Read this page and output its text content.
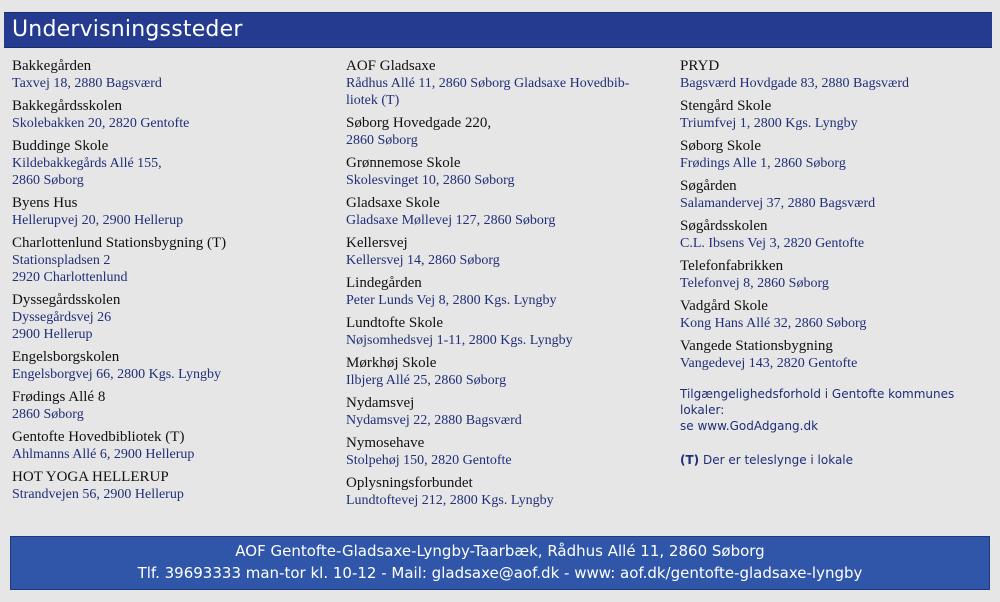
Undervisningssteder
Bakkegården
Taxvej 18, 2880 Bagsværd
Bakkegårdsskolen
Skolebakken 20, 2820 Gentofte
Buddinge Skole
Kildebakkegårds Allé 155,
2860 Søborg
Byens Hus
Hellerupvej 20, 2900 Hellerup
Charlottenlund Stationsbygning (T)
Stationspladsen 2
2920 Charlottenlund
Dyssegårdsskolen
Dyssegårdsvej 26
2900 Hellerup
Engelsborgskolen
Engelsborgvej 66, 2800 Kgs. Lyngby
Frødings Allé 8
2860 Søborg
Gentofte Hovedbibliotek (T)
Ahlmanns Allé 6, 2900 Hellerup
HOT YOGA HELLERUP
Strandvejen 56, 2900 Hellerup
AOF Gladsaxe
Rådhus Allé 11, 2860 Søborg Gladsaxe Hovedbib-
liotek (T)
Søborg Hovedgade 220,
2860 Søborg
Grønnemose Skole
Skolesvinget 10, 2860 Søborg
Gladsaxe Skole
Gladsaxe Møllevej 127, 2860 Søborg
Kellersvej
Kellersvej 14, 2860 Søborg
Lindegården
Peter Lunds Vej 8, 2800 Kgs. Lyngby
Lundtofte Skole
Nøjsomhedsvej 1-11, 2800 Kgs. Lyngby
Mørkhøj Skole
Ilbjerg Allé 25, 2860 Søborg
Nydamsvej
Nydamsvej 22, 2880 Bagsværd
Nymosehave
Stolpehøj 150, 2820 Gentofte
Oplysningsforbundet
Lundtoftevej 212, 2800 Kgs. Lyngby
PRYD
Bagsværd Hovdgade 83, 2880 Bagsværd
Stengård Skole
Triumfvej 1, 2800 Kgs. Lyngby
Søborg Skole
Frødings Alle 1, 2860 Søborg
Søgården
Salamandervej 37, 2880 Bagsværd
Søgårdsskolen
C.L. Ibsens Vej 3, 2820 Gentofte
Telefonfabrikken
Telefonvej 8, 2860 Søborg
Vadgård Skole
Kong Hans Allé 32, 2860 Søborg
Vangede Stationsbygning
Vangedevej 143, 2820 Gentofte
Tilgængelighedsforhold i Gentofte kommunes
lokaler:
se www.GodAdgang.dk
(T) Der er teleslynge i lokale
AOF Gentofte-Gladsaxe-Lyngby-Taarbæk, Rådhus Allé 11, 2860 Søborg
Tlf. 39693333 man-tor kl. 10-12 - Mail: gladsaxe@aof.dk - www: aof.dk/gentofte-gladsaxe-lyngby
